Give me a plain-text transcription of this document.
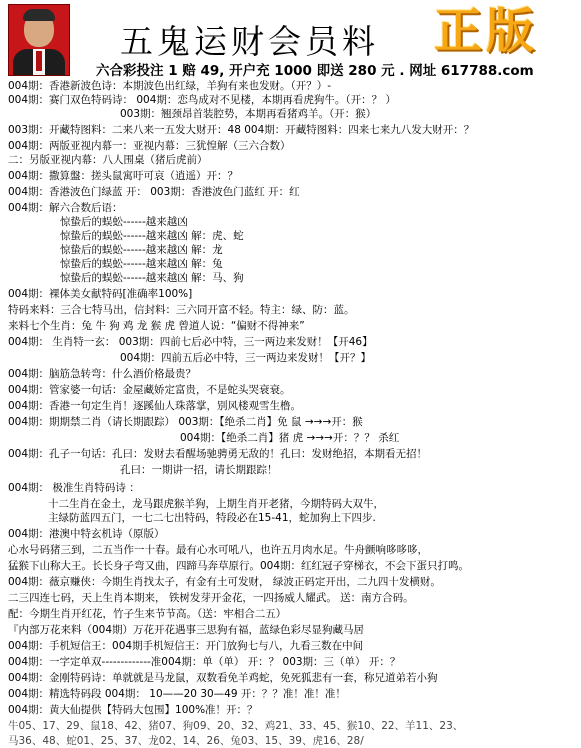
五鬼运财会员料	正版
六合彩投注 1 赔 49, 开户充 1000 即送 280 元 . 网址 617788.com
004期：香港新波色诗：本期波色出红绿，羊狗有来也发财。（开？）-
004期：赛门双色特码诗： 004期：恋鸟成对不见楼，本期再看虎狗牛。（开：？ ）
003期：翘颈昂首装腔势，本期再看猪鸡羊。（开：猴）
003期：开藏特图料：二来八来一五发大财开：48 004期：开藏特图料：四来七来九八发大财开：？
004期：两版亚视内幕一：亚视内幕：三犹惶解（三六合数）
二：另版亚视内幕：八人围桌（猪后虎前）
004期：撒算盤：搓头鼠寓吁可哀（逍遥）开：？
004期：香港波色门绿蓝 开： 003期：香港波色门蓝红 开：红
004期：解六合数后语：
惊蛰后的蜈蚣------越来越凶
惊蛰后的蜈蚣------越来越凶 解：虎、蛇
惊蛰后的蜈蚣------越来越凶 解：龙
惊蛰后的蜈蚣------越来越凶 解：兔
惊蛰后的蜈蚣------越来越凶 解：马、狗
004期：裸体美女献特码[准确率100%]
特码来料：三合七特马出，信封料：三六同开富不轻。特主：绿、防：蓝。
来料七个生肖：兔 牛 狗 鸡 龙 猴 虎 曾道人说：“偏财不得神来”
004期： 生肖特一玄： 003期：四前七后必中特，三一两边来发财！【开46】
004期：四前五后必中特，三一两边来发财！【开？】
004期：脑筋急转弯：什么酒价格最贵？
004期：管家婆一句话：金屋藏娇定富贵，不是蛇头哭衰衰。
004期：香港一句定生肖！逐蹊仙人珠落掌，别风楼观雪生橹。
004期：期期禁二肖（请长期跟踪） 003期：【绝杀二肖】免 鼠 →→→开：猴
004期：【绝杀二肖】猪 虎 →→→开：？？ 杀红
004期：孔子一句话：孔曰：发财去看醒场驰骋勇无敌的！孔曰：发财绝招，本期看无招！
孔曰：一期讲一招，请长期跟踪！
004期： 极准生肖特码诗 ：
十二生肖在金土，龙马跟虎猴羊狗，上期生肖开老猪，今期特码大双牛，
主绿防蓝四五门，一七二七出特码，特段必在15-41，蛇加狗上下四步.
004期：港澳中特玄机诗（原版）
心水号码猪三到，二五当作一十春。最有心水可吼八，也许五月肉水足。牛舟颤响哆哆哆，
猛猴下山称大王。长长身子弯又曲，四蹄马奔草原行。004期：红红冠子穿梯衣，不会下蛋只打鸣。
004期：薇京赚侠：今期生肖找太子，有金有土可发财， 绿波正码定开出，二九四十发横财。
二三四连七码，天上生肖本期来， 铁树发芽开金花，一四扬威人耀武。 送：南方合码。
配：今期生肖开红花，竹子生来节节高。（送：牢相合二五）
『内部万花来料（004期）万花开花遇事三思狗有福，蓝绿色彩尽显狗藏马居
004期：手机短信王：004期手机短信王：开门放狗七与八，九看三数在中间
004期：一字定单双-------------准004期：单（单） 开：？ 003期：三（单） 开：？
004期：金刚特码诗：单就就是马龙鼠，双数看免羊鸡蛇，免死狐悲有一套，称兄道弟若小狗
004期：精选特码段 004期： 10——20 30—49 开：？？准！准！准！
004期：黄大仙提供【特码大包围】100%准！开：？
牛05、17、29、鼠18、42、猪07、狗09、20、32、鸡21、33、45、猴10、22、羊11、23、
马36、48、蛇01、25、37、龙02、14、26、兔03、15、39、虎16、28/
